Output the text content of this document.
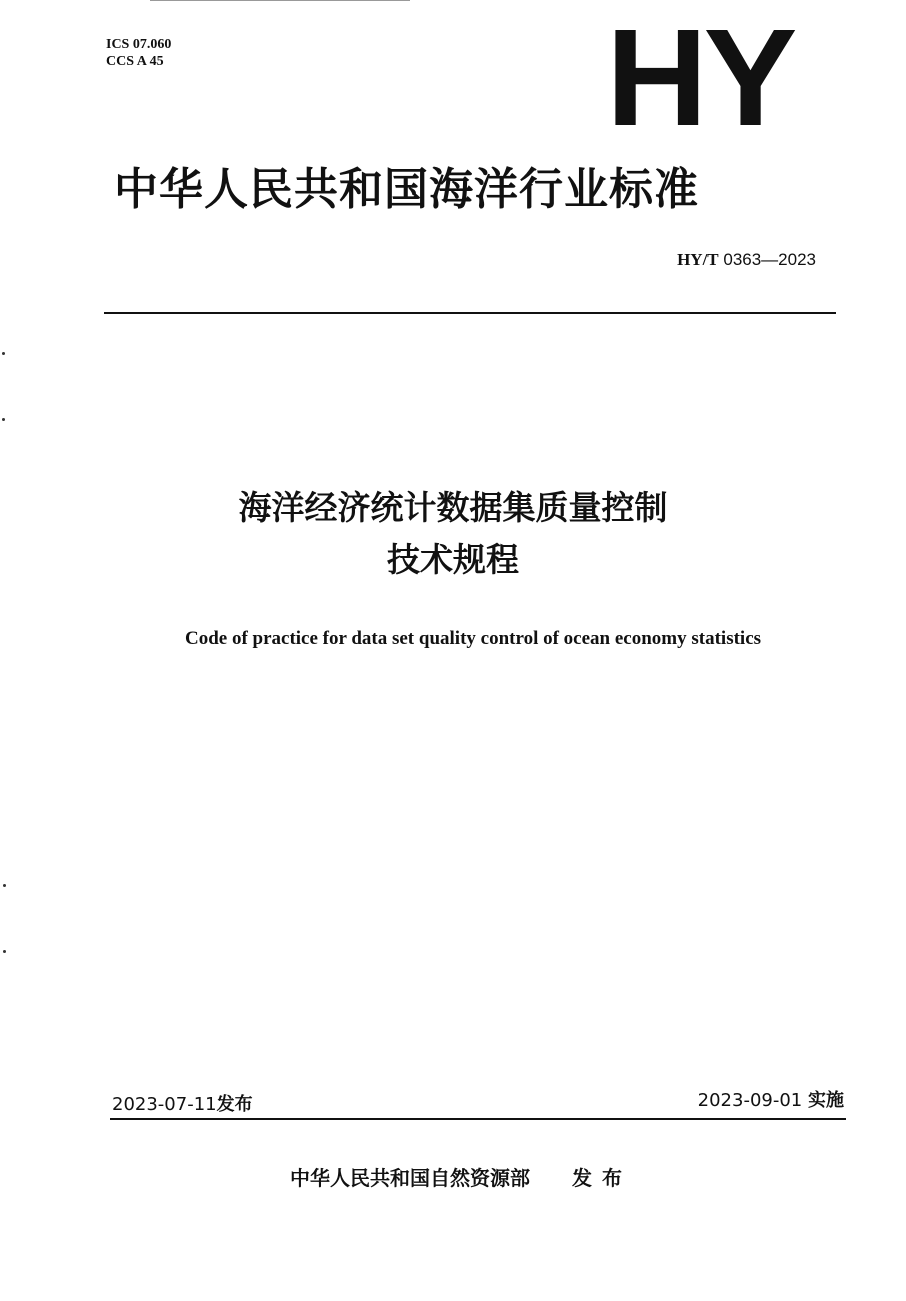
ICS 07.060
CCS A 45	HY
中华人民共和国海洋行业标准
HY/T 0363—2023
海洋经济统计数据集质量控制
技术规程
Code of practice for data set quality control of ocean economy statistics
2023-07-11发布	2023-09-01 实施
中华人民共和国自然资源部 发布
